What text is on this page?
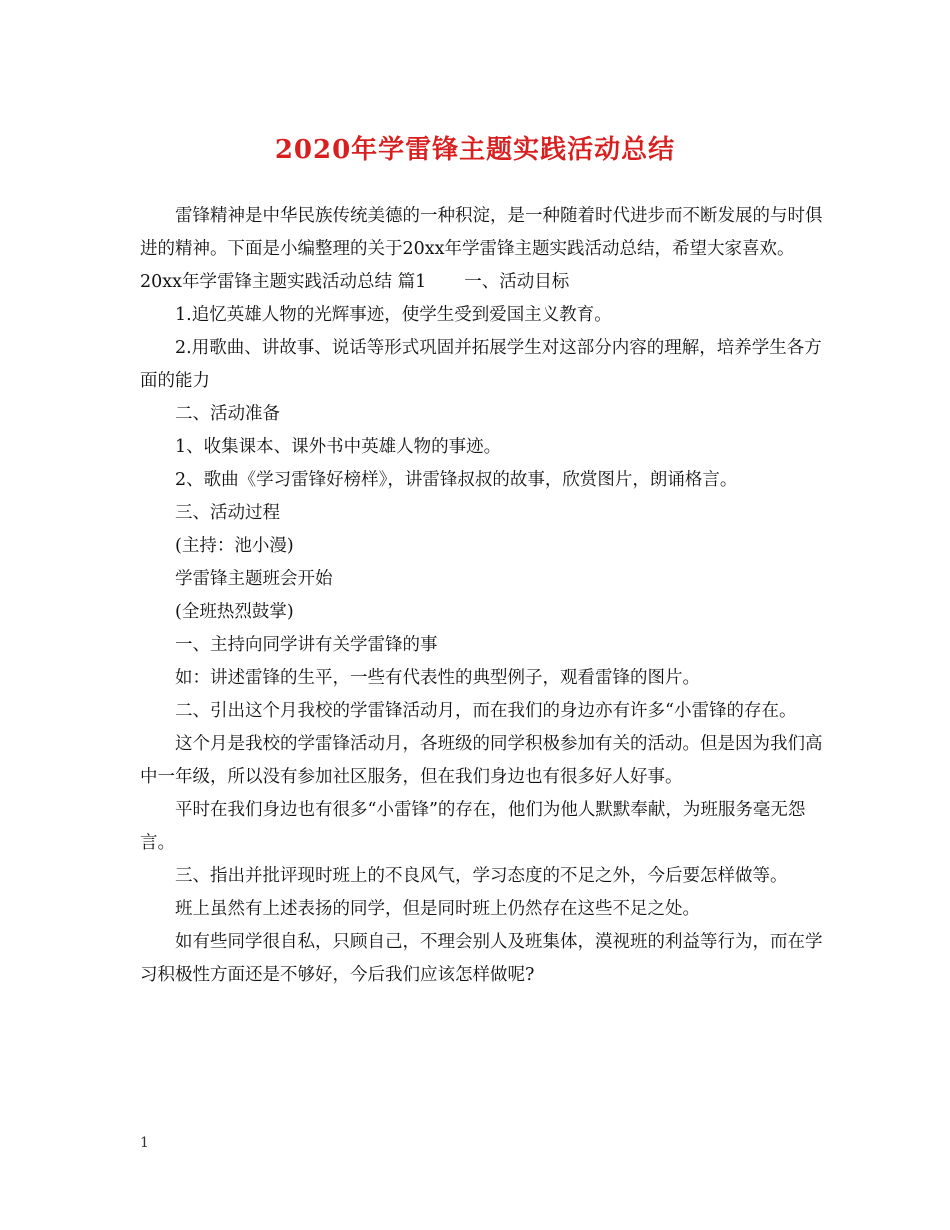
2020年学雷锋主题实践活动总结

雷锋精神是中华民族传统美德的一种积淀，是一种随着时代进步而不断发展的与时俱进的精神。下面是小编整理的关于20xx年学雷锋主题实践活动总结，希望大家喜欢。

20xx年学雷锋主题实践活动总结 篇1 一、活动目标

1.追忆英雄人物的光辉事迹，使学生受到爱国主义教育。

2.用歌曲、讲故事、说话等形式巩固并拓展学生对这部分内容的理解，培养学生各方面的能力

二、活动准备

1、收集课本、课外书中英雄人物的事迹。

2、歌曲《学习雷锋好榜样》，讲雷锋叔叔的故事，欣赏图片，朗诵格言。

三、活动过程

(主持：池小漫)

学雷锋主题班会开始

(全班热烈鼓掌)

一、主持向同学讲有关学雷锋的事

如：讲述雷锋的生平，一些有代表性的典型例子，观看雷锋的图片。

二、引出这个月我校的学雷锋活动月，而在我们的身边亦有许多“小雷锋的存在。

这个月是我校的学雷锋活动月，各班级的同学积极参加有关的活动。但是因为我们高中一年级，所以没有参加社区服务，但在我们身边也有很多好人好事。

平时在我们身边也有很多“小雷锋”的存在，他们为他人默默奉献，为班服务毫无怨言。

三、指出并批评现时班上的不良风气，学习态度的不足之外，今后要怎样做等。

班上虽然有上述表扬的同学，但是同时班上仍然存在这些不足之处。

如有些同学很自私，只顾自己，不理会别人及班集体，漠视班的利益等行为，而在学习积极性方面还是不够好，今后我们应该怎样做呢?

1
